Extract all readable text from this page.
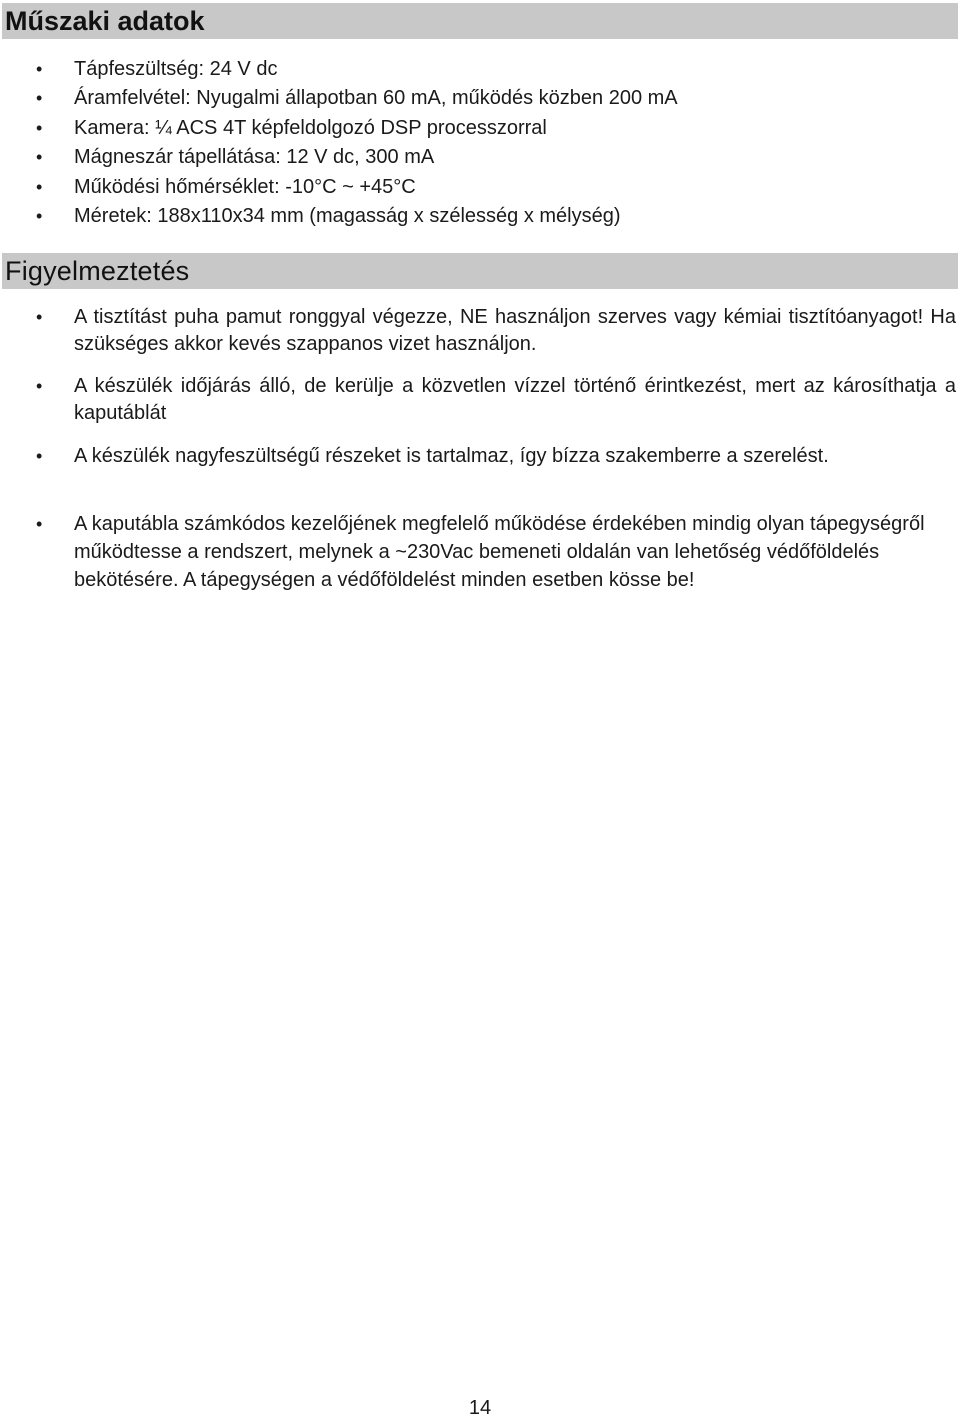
Műszaki adatok
• Tápfeszültség: 24 V dc
• Áramfelvétel: Nyugalmi állapotban 60 mA, működés közben 200 mA
• Kamera: ¼ ACS 4T képfeldolgozó DSP processzorral
• Mágneszár tápellátása: 12 V dc, 300 mA
• Működési hőmérséklet: -10°C ~ +45°C
• Méretek: 188x110x34 mm (magasság x szélesség x mélység)
Figyelmeztetés
• A tisztítást puha pamut ronggyal végezze, NE használjon szerves vagy kémiai tisztítóanyagot! Ha szükséges akkor kevés szappanos vizet használjon.
• A készülék időjárás álló, de kerülje a közvetlen vízzel történő érintkezést, mert az károsíthatja a kaputáblát
• A készülék nagyfeszültségű részeket is tartalmaz, így bízza szakemberre a szerelést.
• A kaputábla számkódos kezelőjének megfelelő működése érdekében mindig olyan tápegységről működtesse a rendszert, melynek a ~230Vac bemeneti oldalán van lehetőség védőföldelés bekötésére. A tápegységen a védőföldelést minden esetben kösse be!
14
